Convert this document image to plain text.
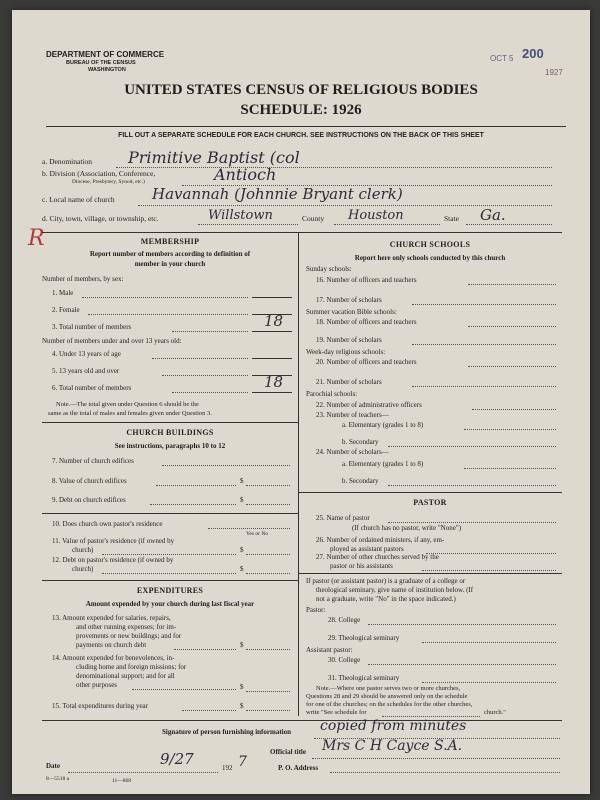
DEPARTMENT OF COMMERCE
BUREAU OF THE CENSUS
WASHINGTON
OCT 5 200
1927
UNITED STATES CENSUS OF RELIGIOUS BODIES
SCHEDULE: 1926
FILL OUT A SEPARATE SCHEDULE FOR EACH CHURCH. SEE INSTRUCTIONS ON THE BACK OF THIS SHEET
a. Denomination Primitive Baptist (col
b. Division (Association, Conference,
Diocese, Presbytery, Synod, etc.)	Antioch
c. Local name of church Havannah (Johnnie Bryant clerk)
d. City, town, village, or township, etc.	Willstown	County Houston	State Ga.
R	MEMBERSHIP
Report number of members according to definition of
member in your church
Number of members, by sex:
1. Male
2. Female
3. Total number of members	18
Number of members under and over 13 years old:
4. Under 13 years of age
5. 13 years old and over
6. Total number of members	18
Note.—The total given under Question 6 should be the
same as the total of males and females given under Question 3.
CHURCH BUILDINGS
See instructions, paragraphs 10 to 12
7. Number of church edifices
8. Value of church edifices	$
9. Debt on church edifices	$
10. Does church own pastor's residence
Yes or No
11. Value of pastor's residence (if owned by
church)	$
12. Debt on pastor's residence (if owned by
church)	$
EXPENDITURES
Amount expended by your church during last fiscal year
13. Amount expended for salaries, repairs,
and other running expenses; for im-
provements or new buildings; and for
payments on church debt	$
14. Amount expended for benevolences, in-
cluding home and foreign missions; for
denominational support; and for all
other purposes	$
15. Total expenditures during year	$
CHURCH SCHOOLS
Report here only schools conducted by this church
Sunday schools:
16. Number of officers and teachers
17. Number of scholars
Summer vacation Bible schools:
18. Number of officers and teachers
19. Number of scholars
Week-day religious schools:
20. Number of officers and teachers
21. Number of scholars
Parochial schools:
22. Number of administrative officers
23. Number of teachers—
a. Elementary (grades 1 to 8)
b. Secondary
24. Number of scholars—
a. Elementary (grades 1 to 8)
b. Secondary
PASTOR
25. Name of pastor
(If church has no pastor, write "None")
26. Number of ordained ministers, if any, em-
ployed as assistant pastors
27. Number of other churches served by the
pastor or his assistants
If pastor (or assistant pastor) is a graduate of a college or
theological seminary, give name of institution below. (If
not a graduate, write "No" in the space indicated.)
Pastor:
28. College
29. Theological seminary
Assistant pastor:
30. College
31. Theological seminary
Note.—Where one pastor serves two or more churches,
Questions 28 and 29 should be answered only on the schedule
for one of the churches; on the schedules for the other churches,
write "See schedule for	church."
Signature of person furnishing information copied from minutes
Official title Mrs C H Cayce S.A.
Date	9/27	192 7	P. O. Address
8—5518 a	11—868
